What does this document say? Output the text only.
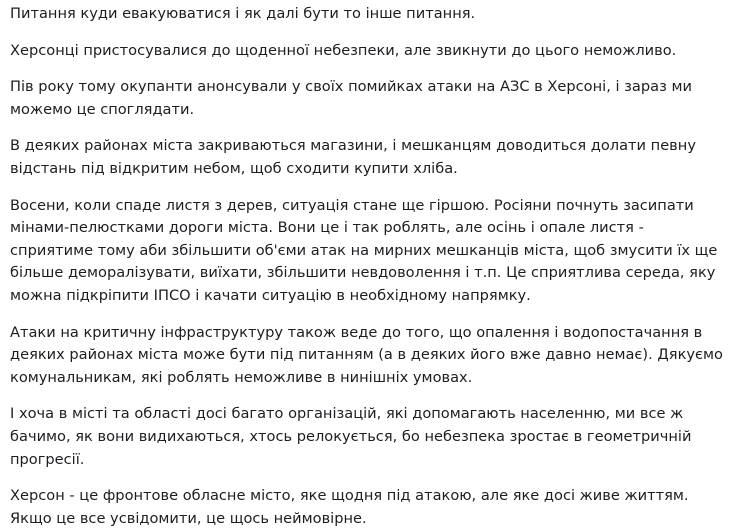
Питання куди евакуюватися і як далі бути то інше питання.

Херсонці пристосувалися до щоденної небезпеки, але звикнути до цього неможливо.

Пів року тому окупанти анонсували у своїх помийках атаки на АЗС в Херсоні, і зараз ми можемо це споглядати.

В деяких районах міста закриваються магазини, і мешканцям доводиться долати певну відстань під відкритим небом, щоб сходити купити хліба.

Восени, коли спаде листя з дерев, ситуація стане ще гіршою. Росіяни почнуть засипати мінами-пелюстками дороги міста. Вони це і так роблять, але осінь і опале листя - сприятиме тому аби збільшити об'єми атак на мирних мешканців міста, щоб змусити їх ще більше деморалізувати, виїхати, збільшити невдоволення і т.п. Це сприятлива середа, яку можна підкріпити ІПСО і качати ситуацію в необхідному напрямку.

Атаки на критичну інфраструктуру також веде до того, що опалення і водопостачання в деяких районах міста може бути під питанням (а в деяких його вже давно немає). Дякуємо комунальникам, які роблять неможливе в нинішніх умовах.

І хоча в місті та області досі багато організацій, які допомагають населенню, ми все ж бачимо, як вони видихаються, хтось релокується, бо небезпека зростає в геометричній прогресії.

Херсон - це фронтове обласне місто, яке щодня під атакою, але яке досі живе життям. Якщо це все усвідомити, це щось неймовірне.
